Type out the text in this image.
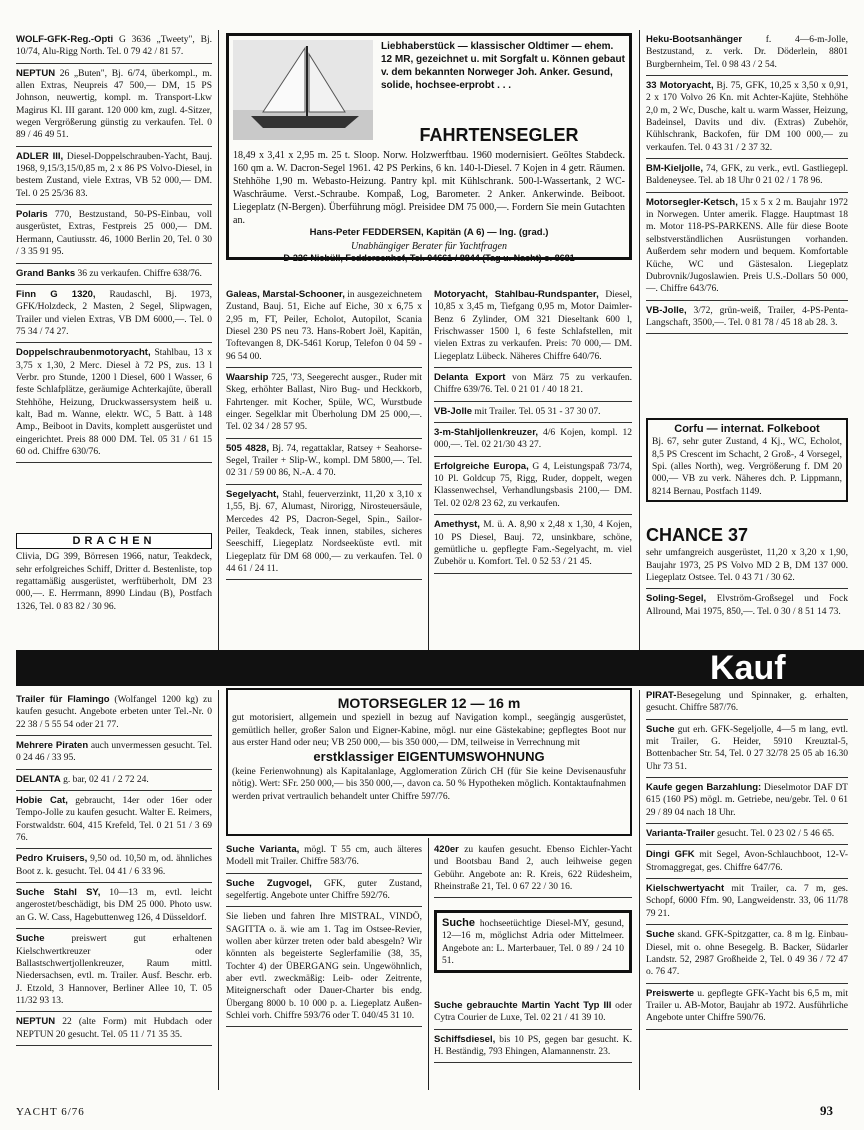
WOLF-GFK-Reg.-Opti G 3636 „Tweety", Bj. 10/74, Alu-Rigg North. Tel. 0 79 42 / 81 57.
NEPTUN 26 „Buten", Bj. 6/74, überkompl., m. allen Extras, Neupreis 47 500,— DM, 15 PS Johnson, neuwertig, kompl. m. Transport-Lkw Magirus Kl. III garant. 120 000 km, zugl. 4-Sitzer, wegen Vergrößerung günstig zu verkaufen. Tel. 0 89 / 46 49 51.
ADLER III, Diesel-Doppelschrauben-Yacht, Bauj. 1968, 9,15/3,15/0,85 m, 2 x 86 PS Volvo-Diesel, in bestem Zustand, viele Extras, VB 52 000,— DM. Tel. 0 25 25/36 83.
Polaris 770, Bestzustand, 50-PS-Einbau, voll ausgerüstet, Extras, Festpreis 25 000,— DM. Hermann, Cautiusstr. 46, 1000 Berlin 20, Tel. 0 30 / 3 35 91 95.
Grand Banks 36 zu verkaufen. Chiffre 638/76.
Finn G 1320, Raudaschl, Bj. 1973, GFK/Holzdeck, 2 Masten, 2 Segel, Slipwagen, Trailer und vielen Extras, VB DM 6000,—. Tel. 0 75 34 / 74 27.
Doppelschraubenmotoryacht, Stahlbau, 13 x 3,75 x 1,30, 2 Merc. Diesel à 72 PS, zus. 13 l Verbr. pro Stunde, 1200 l Diesel, 600 l Wasser, 6 feste Schlafplätze, geräumige Achterkajüte, überall Stehhöhe, Heizung, Druckwassersystem heiß u. kalt, Bad m. Wanne, elektr. WC, 5 Batt. à 148 Amp., Beiboot in Davits, komplett ausgerüstet und eingerichtet. Preis 88 000 DM. Tel. 05 31 / 61 15 60 od. Chiffre 630/76.
DRACHEN
Clivia, DG 399, Börresen 1966, natur, Teakdeck, sehr erfolgreiches Schiff, Dritter d. Bestenliste, top regattamäßig ausgerüstet, werftüberholt, DM 23 000,—. E. Herrmann, 8990 Lindau (B), Postfach 1326, Tel. 0 83 82 / 30 96.
Liebhaberstück — klassischer Oldtimer — ehem. 12 MR, gezeichnet u. mit Sorgfalt u. Können gebaut v. dem bekannten Norweger Joh. Anker. Gesund, solide, hochsee-erprobt . . .
FAHRTENSEGLER
18,49 x 3,41 x 2,95 m. 25 t. Sloop. Norw. Holzwerftbau. 1960 modernisiert. Geöltes Stabdeck. 160 qm a. W. Dacron-Segel 1961. 42 PS Perkins, 6 kn. 140-l-Diesel. 7 Kojen in 4 getr. Räumen. Stehhöhe 1,90 m. Webasto-Heizung. Pantry kpl. mit Kühlschrank. 500-l-Wassertank, 2 WC-Waschräume. Verst.-Schraube. Kompaß, Log, Barometer. 2 Anker. Ankerwinde. Beiboot. Liegeplatz (N-Bergen). Überführung mögl. Preisidee DM 75 000,—. Fordern Sie mein Gutachten an.
Hans-Peter FEDDERSEN, Kapitän (A 6) — Ing. (grad.)
Unabhängiger Berater für Yachtfragen
D-226 Niebüll, Feddersenhof, Tel. 04661 / 8844 (Tag u. Nacht) o. 8681
Galeas, Marstal-Schooner, in ausgezeichnetem Zustand, Bauj. 51, Eiche auf Eiche, 30 x 6,75 x 2,95 m, FT, Peiler, Echolot, Autopilot, Scania Diesel 230 PS neu 73. Hans-Robert Joël, Kapitän, Toftevangen 8, DK-5461 Korup, Telefon 0 04 59 - 96 54 00.
Waarship 725, '73, Seegerecht ausger., Ruder mit Skeg, erhöhter Ballast, Niro Bug- und Heckkorb, Fahrtenger. mit Kocher, Spüle, WC, Wurstbude einger. Segelklar mit Überholung DM 25 000,—. Tel. 02 34 / 28 57 95.
505 4828, Bj. 74, regattaklar, Ratsey + Seahorse-Segel, Trailer + Slip-W., kompl. DM 5800,—. Tel. 02 31 / 59 00 86, N.-A. 4 70.
Segelyacht, Stahl, feuerverzinkt, 11,20 x 3,10 x 1,55, Bj. 67, Alumast, Nirorigg, Nirosteuersäule, Mercedes 42 PS, Dacron-Segel, Spin., Sailor-Peiler, Teakdeck, Teak innen, stabiles, sicheres Seeschiff, Liegeplatz Nordseeküste evtl. mit Liegeplatz für DM 68 000,— zu verkaufen. Tel. 0 44 61 / 24 11.
Motoryacht, Stahlbau-Rundspanter, Diesel, 10,85 x 3,45 m, Tiefgang 0,95 m, Motor Daimler-Benz 6 Zylinder, OM 321 Dieseltank 600 l, Frischwasser 1500 l, 6 feste Schlafstellen, mit vielen Extras zu verkaufen. Preis: 70 000,— DM. Liegeplatz Lübeck. Näheres Chiffre 640/76.
Delanta Export von März 75 zu verkaufen. Chiffre 639/76. Tel. 0 21 01 / 40 18 21.
VB-Jolle mit Trailer. Tel. 05 31 - 37 30 07.
3-m-Stahljollenkreuzer, 4/6 Kojen, kompl. 12 000,—. Tel. 02 21/30 43 27.
Erfolgreiche Europa, G 4, Leistungspaß 73/74, 10 Pl. Goldcup 75, Rigg, Ruder, doppelt, wegen Klassenwechsel, Verhandlungsbasis 2100,— DM. Tel. 02 02/8 23 62, zu verkaufen.
Amethyst, M. ü. A. 8,90 x 2,48 x 1,30, 4 Kojen, 10 PS Diesel, Bauj. 72, unsinkbare, schöne, gemütliche u. gepflegte Fam.-Segelyacht, m. viel Zubehör u. Komfort. Tel. 0 52 53 / 21 45.
Heku-Bootsanhänger f. 4—6-m-Jolle, Bestzustand, z. verk. Dr. Döderlein, 8801 Burgbernheim, Tel. 0 98 43 / 2 54.
33 Motoryacht, Bj. 75, GFK, 10,25 x 3,50 x 0,91, 2 x 170 Volvo 26 Kn. mit Achter-Kajüte, Stehhöhe 2,0 m, 2 Wc, Dusche, kalt u. warm Wasser, Heizung, Badeinsel, Davits und div. (Extras) Zubehör, Kühlschrank, Backofen, für DM 100 000,— zu verkaufen. Tel. 0 43 31 / 2 37 32.
BM-Kieljolle, 74, GFK, zu verk., evtl. Gastliegepl. Baldeneysee. Tel. ab 18 Uhr 0 21 02 / 1 78 96.
Motorsegler-Ketsch, 15 x 5 x 2 m. Baujahr 1972 in Norwegen. Unter amerik. Flagge. Hauptmast 18 m. Motor 118-PS-PARKENS. Alle für diese Boote selbstverständlichen Ausrüstungen vorhanden. Außerdem sehr modern und bequem. Komfortable Küche, WC und Gästesalon. Liegeplatz Dubrovnik/Jugoslawien. Preis U.S.-Dollars 50 000,—. Chiffre 643/76.
VB-Jolle, 3/72, grün-weiß, Trailer, 4-PS-Penta-Langschaft, 3500,—. Tel. 0 81 78 / 45 18 ab 28. 3.
Corfu — internat. Folkeboot
Bj. 67, sehr guter Zustand, 4 Kj., WC, Echolot, 8,5 PS Crescent im Schacht, 2 Groß-, 4 Vorsegel, Spi. (alles North), weg. Vergrößerung f. DM 20 000,— VB zu verk. Näheres dch. P. Lippmann, 8214 Bernau, Postfach 1149.
CHANCE 37
sehr umfangreich ausgerüstet, 11,20 x 3,20 x 1,90, Baujahr 1973, 25 PS Volvo MD 2 B, DM 137 000. Liegeplatz Ostsee. Tel. 0 43 71 / 30 62.
Soling-Segel, Elvström-Großsegel und Fock Allround, Mai 1975, 850,—. Tel. 0 30 / 8 51 14 73.
Kauf
Trailer für Flamingo (Wolfangel 1200 kg) zu kaufen gesucht. Angebote erbeten unter Tel.-Nr. 0 22 38 / 5 55 54 oder 21 77.
Mehrere Piraten auch unvermessen gesucht. Tel. 0 24 46 / 33 95.
DELANTA g. bar, 02 41 / 2 72 24.
Hobie Cat, gebraucht, 14er oder 16er oder Tempo-Jolle zu kaufen gesucht. Walter E. Reimers, Forstwaldstr. 604, 415 Krefeld, Tel. 0 21 51 / 3 69 76.
Pedro Kruisers, 9,50 od. 10,50 m, od. ähnliches Boot z. k. gesucht. Tel. 04 41 / 6 33 96.
Suche Stahl SY, 10—13 m, evtl. leicht angerostet/beschädigt, bis DM 25 000. Photo usw. an G. W. Cass, Hagebuttenweg 126, 4 Düsseldorf.
Suche preiswert gut erhaltenen Kielschwertkreuzer oder Ballastschwertjollenkreuzer, Raum mittl. Niedersachsen, evtl. m. Trailer. Ausf. Beschr. erb. J. Etzold, 3 Hannover, Berliner Allee 10, T. 05 11/32 93 13.
NEPTUN 22 (alte Form) mit Hubdach oder NEPTUN 20 gesucht. Tel. 05 11 / 71 35 35.
MOTORSEGLER 12 — 16 m
gut motorisiert, allgemein und speziell in bezug auf Navigation kompl., seegängig ausgerüstet, gemütlich heller, großer Salon und Eigner-Kabine, mögl. nur eine Gästekabine; gepflegtes Boot nur aus erster Hand oder neu; VB 250 000,— bis 350 000,— DM, teilweise in Verrechnung mit
erstklassiger EIGENTUMSWOHNUNG
(keine Ferienwohnung) als Kapitalanlage, Agglomeration Zürich CH (für Sie keine Devisenausfuhr nötig). Wert: SFr. 250 000,— bis 350 000,—, davon ca. 50 % Hypotheken möglich. Kontaktaufnahmen werden privat vertraulich behandelt unter Chiffre 597/76.
Suche Varianta, mögl. T 55 cm, auch älteres Modell mit Trailer. Chiffre 583/76.
Suche Zugvogel, GFK, guter Zustand, segelfertig. Angebote unter Chiffre 592/76.
Sie lieben und fahren Ihre MISTRAL, VINDÖ, SAGITTA o. ä. wie am 1. Tag im Ostsee-Revier, wollen aber kürzer treten oder bald abesgeln? Wir könnten als begeisterte Seglerfamilie (38, 35, Tochter 4) der ÜBERGANG sein. Ungewöhnlich, aber evtl. zweckmäßig: Leib- oder Zeitrente, Miteignerschaft oder Dauer-Charter bis endg. Übergang 8000 b. 10 000 p. a. Liegeplatz Außen-Schlei vorh. Chiffre 593/76 oder T. 040/45 31 10.
420er zu kaufen gesucht. Ebenso Eichler-Yacht und Bootsbau Band 2, auch leihweise gegen Gebühr. Angebote an: R. Kreis, 622 Rüdesheim, Rheinstraße 21, Tel. 0 67 22 / 30 16.
Suche hochseetüchtige Diesel-MY, gesund, 12—16 m, möglichst Adria oder Mittelmeer. Angebote an: L. Marterbauer, Tel. 0 89 / 24 10 51.
Suche gebrauchte Martin Yacht Typ III oder Cytra Courier de Luxe, Tel. 02 21 / 41 39 10.
Schiffsdiesel, bis 10 PS, gegen bar gesucht. K. H. Beständig, 793 Ehingen, Alamannenstr. 23.
PIRAT-Besegelung und Spinnaker, g. erhalten, gesucht. Chiffre 587/76.
Suche gut erh. GFK-Segeljolle, 4—5 m lang, evtl. mit Trailer, G. Heider, 5910 Kreuztal-5, Bottenbacher Str. 54, Tel. 0 27 32/78 25 05 ab 16.30 Uhr 73 51.
Kaufe gegen Barzahlung: Dieselmotor DAF DT 615 (160 PS) mögl. m. Getriebe, neu/gebr. Tel. 0 61 29 / 89 04 nach 18 Uhr.
Varianta-Trailer gesucht. Tel. 0 23 02 / 5 46 65.
Dingi GFK mit Segel, Avon-Schlauchboot, 12-V-Stromaggregat, ges. Chiffre 647/76.
Kielschwertyacht mit Trailer, ca. 7 m, ges. Schopf, 6000 Ffm. 90, Langweidenstr. 33, 06 11/78 79 21.
Suche skand. GFK-Spitzgatter, ca. 8 m lg. Einbau-Diesel, mit o. ohne Besegelg. B. Backer, Südarler Landstr. 52, 2987 Großheide 2, Tel. 0 49 36 / 72 47 o. 76 47.
Preiswerte u. gepflegte GFK-Yacht bis 6,5 m, mit Trailer u. AB-Motor, Baujahr ab 1972. Ausführliche Angebote unter Chiffre 590/76.
YACHT 6/76	93
